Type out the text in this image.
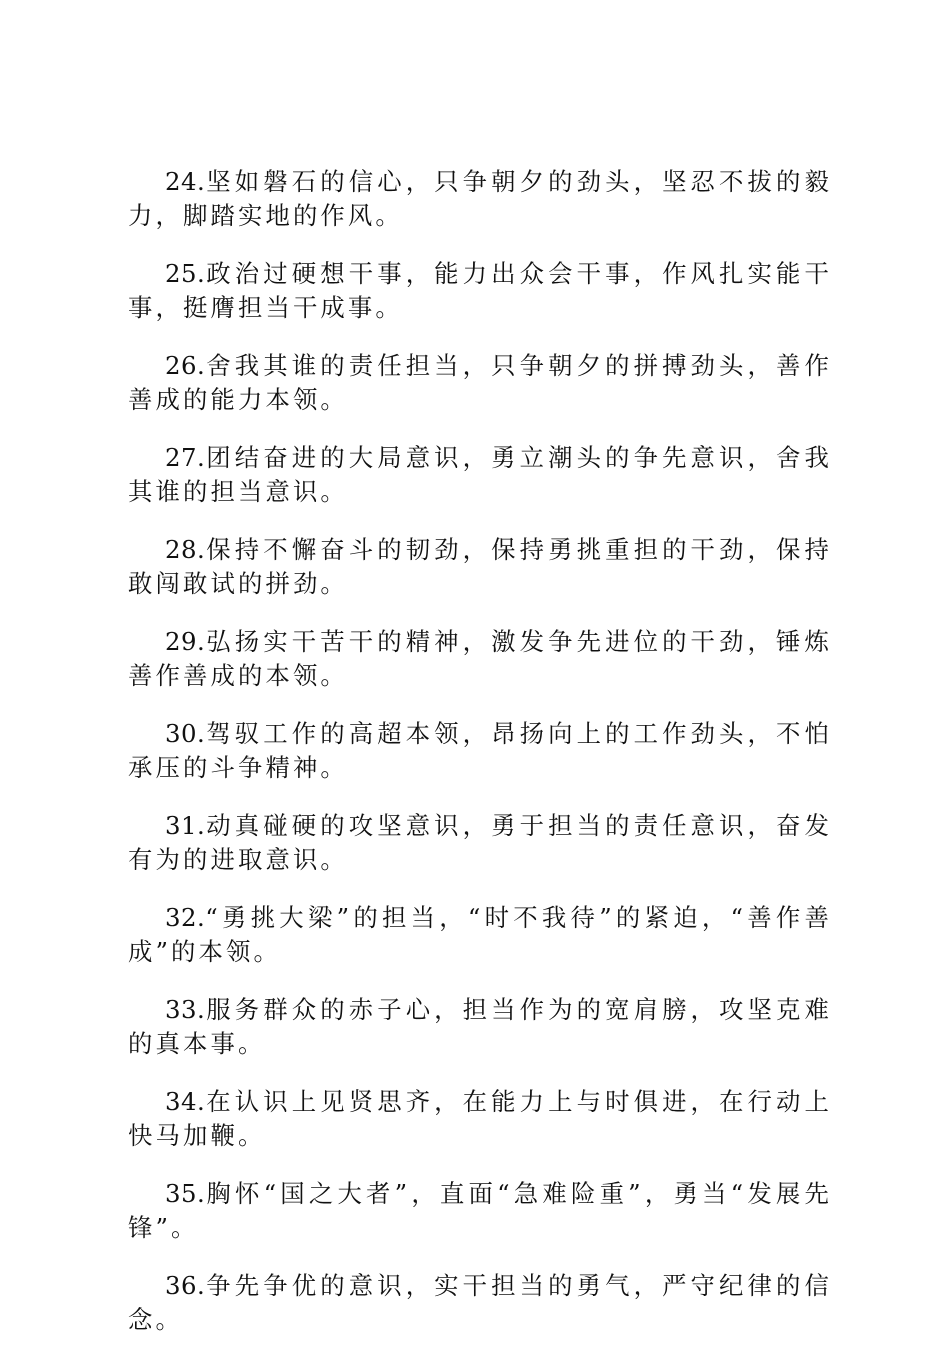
24.坚如磐石的信心，只争朝夕的劲头，坚忍不拔的毅力，脚踏实地的作风。

25.政治过硬想干事，能力出众会干事，作风扎实能干事，挺膺担当干成事。

26.舍我其谁的责任担当，只争朝夕的拼搏劲头，善作善成的能力本领。

27.团结奋进的大局意识，勇立潮头的争先意识，舍我其谁的担当意识。

28.保持不懈奋斗的韧劲，保持勇挑重担的干劲，保持敢闯敢试的拼劲。

29.弘扬实干苦干的精神，激发争先进位的干劲，锤炼善作善成的本领。

30.驾驭工作的高超本领，昂扬向上的工作劲头，不怕承压的斗争精神。

31.动真碰硬的攻坚意识，勇于担当的责任意识，奋发有为的进取意识。

32.“勇挑大梁”的担当，“时不我待”的紧迫，“善作善成”的本领。

33.服务群众的赤子心，担当作为的宽肩膀，攻坚克难的真本事。

34.在认识上见贤思齐，在能力上与时俱进，在行动上快马加鞭。

35.胸怀“国之大者”，直面“急难险重”，勇当“发展先锋”。

36.争先争优的意识，实干担当的勇气，严守纪律的信念。
